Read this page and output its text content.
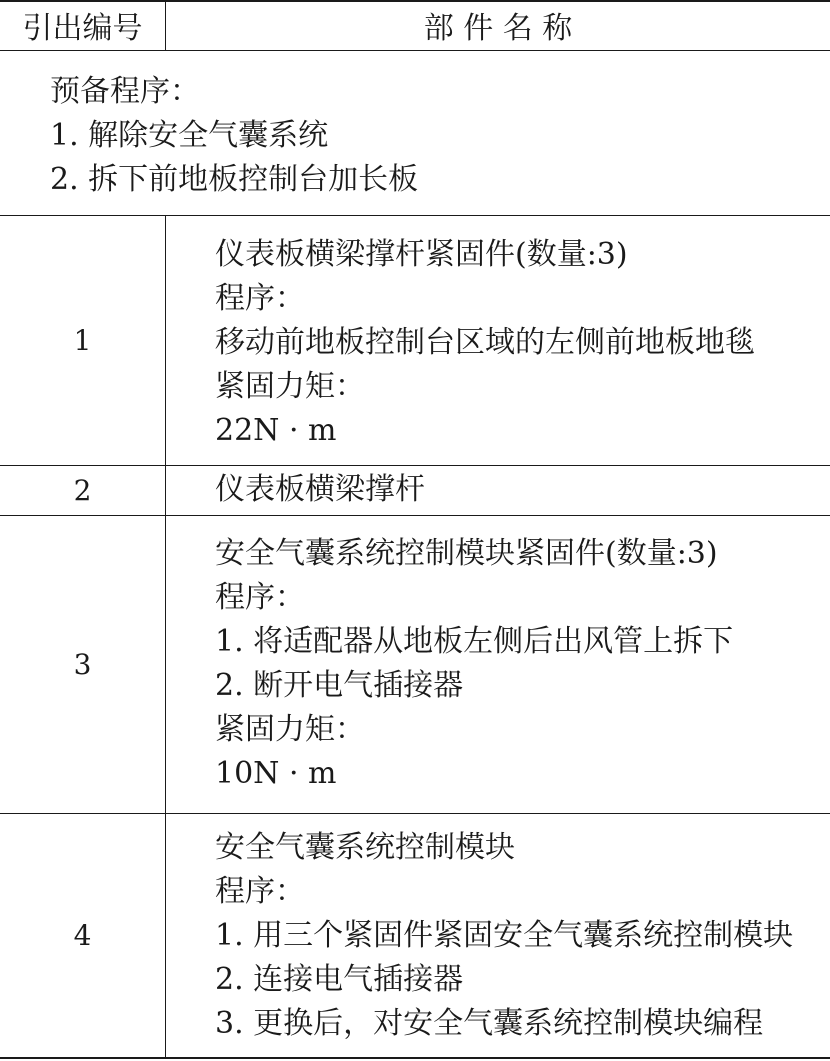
引出编号	部 件 名 称
预备程序：
1. 解除安全气囊系统
2. 拆下前地板控制台加长板
1
仪表板横梁撑杆紧固件(数量:3)
程序：
移动前地板控制台区域的左侧前地板地毯
紧固力矩：
22N · m
2	仪表板横梁撑杆
3
安全气囊系统控制模块紧固件(数量:3)
程序：
1. 将适配器从地板左侧后出风管上拆下
2. 断开电气插接器
紧固力矩：
10N · m
4
安全气囊系统控制模块
程序：
1. 用三个紧固件紧固安全气囊系统控制模块
2. 连接电气插接器
3. 更换后，对安全气囊系统控制模块编程
